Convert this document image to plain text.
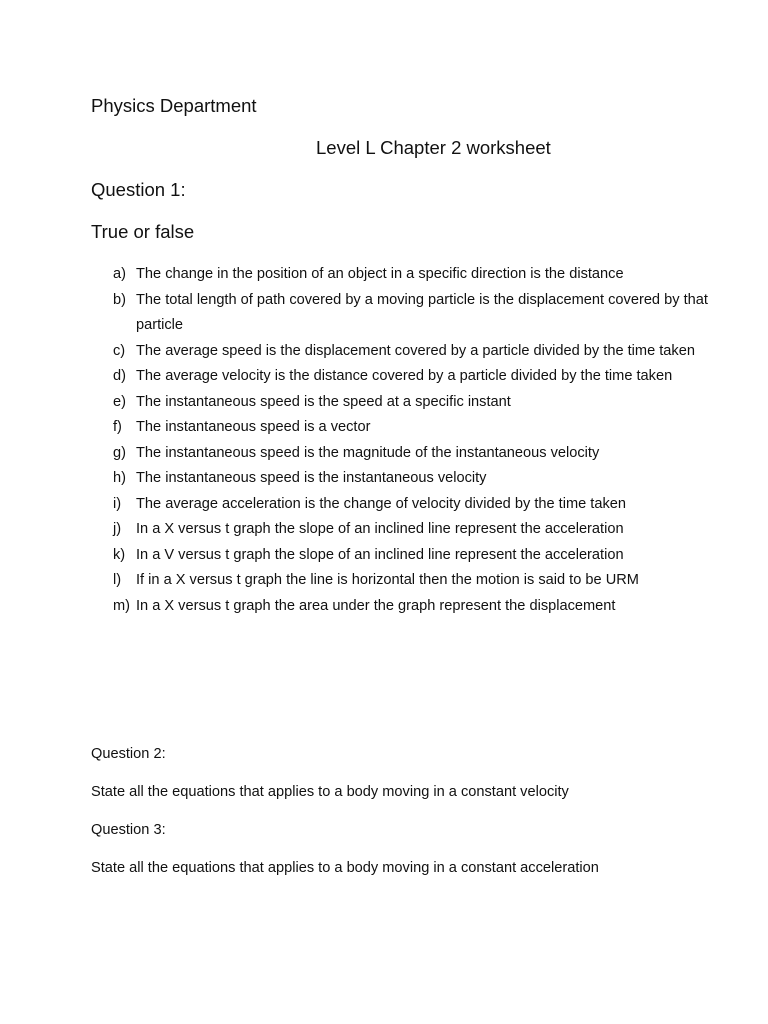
Physics Department
Level L Chapter 2 worksheet
Question 1:
True or false
a) The change in the position of an object in a specific direction is the distance
b) The total length of path covered by a moving particle is the displacement covered by that particle
c) The average speed is the displacement covered by a particle divided by the time taken
d) The average velocity is the distance covered by a particle divided by the time taken
e) The instantaneous speed is the speed at a specific instant
f) The instantaneous speed is a vector
g) The instantaneous speed is the magnitude of the instantaneous velocity
h) The instantaneous speed is the instantaneous velocity
i) The average acceleration is the change of velocity divided by the time taken
j) In a X versus t graph the slope of an inclined line represent the acceleration
k) In a V versus t graph the slope of an inclined line represent the acceleration
l) If in a X versus t graph the line is horizontal then the motion is said to be URM
m) In a X versus t graph the area under the graph represent the displacement
Question 2:
State all the equations that applies to a body moving in a constant velocity
Question 3:
State all the equations that applies to a body moving in a constant acceleration
